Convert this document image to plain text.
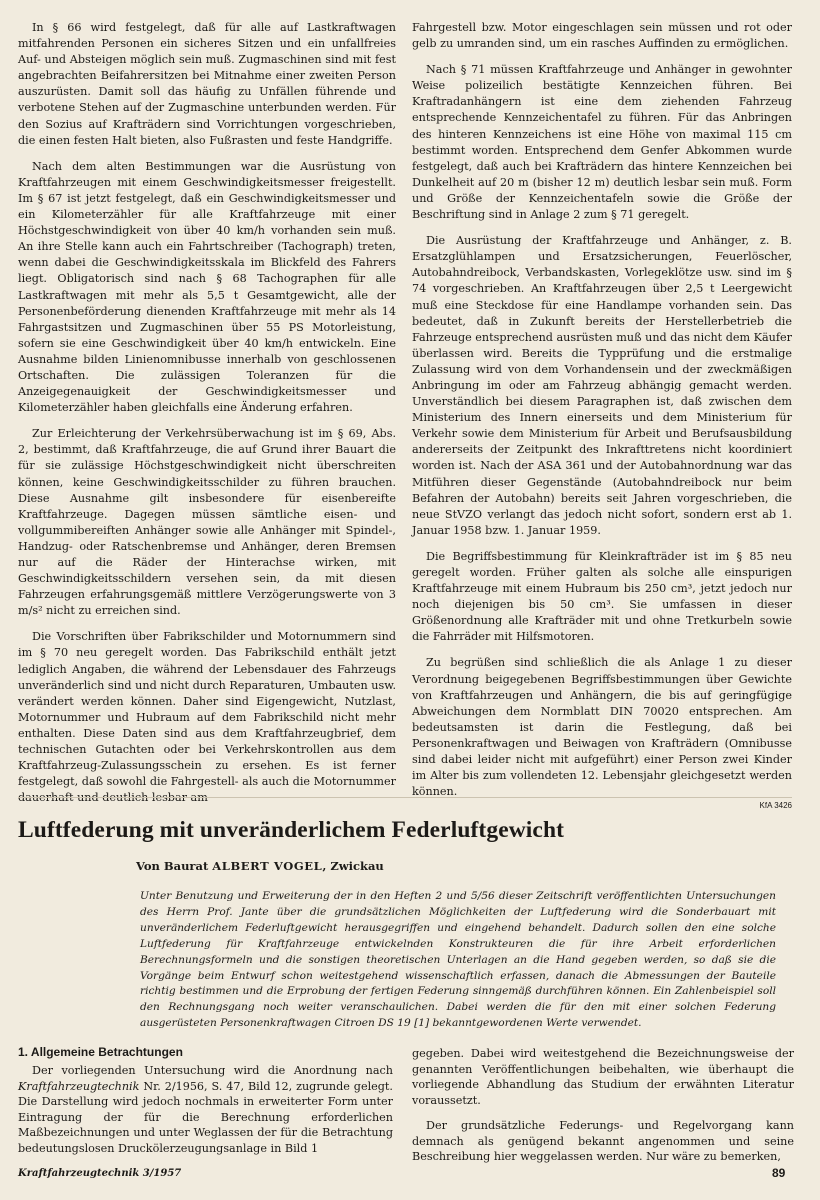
In § 66 wird festgelegt, daß für alle auf Lastkraftwagen mitfahrenden Personen ein sicheres Sitzen und ein unfallfreies Auf- und Absteigen möglich sein muß. Zugmaschinen sind mit fest angebrachten Beifahrersitzen bei Mitnahme einer zweiten Person auszurüsten. Damit soll das häufig zu Unfällen führende und verbotene Stehen auf der Zugmaschine unterbunden werden. Für den Sozius auf Krafträdern sind Vorrichtungen vorgeschrieben, die einen festen Halt bieten, also Fußrasten und feste Handgriffe.

Nach dem alten Bestimmungen war die Ausrüstung von Kraftfahrzeugen mit einem Geschwindigkeitsmesser freigestellt. Im § 67 ist jetzt festgelegt, daß ein Geschwindigkeitsmesser und ein Kilometerzähler für alle Kraftfahrzeuge mit einer Höchstgeschwindigkeit von über 40 km/h vorhanden sein muß. An ihre Stelle kann auch ein Fahrtschreiber (Tachograph) treten, wenn dabei die Geschwindigkeitsskala im Blickfeld des Fahrers liegt. Obligatorisch sind nach § 68 Tachographen für alle Lastkraftwagen mit mehr als 5,5 t Gesamtgewicht, alle der Personenbeförderung dienenden Kraftfahrzeuge mit mehr als 14 Fahrgastsitzen und Zugmaschinen über 55 PS Motorleistung, sofern sie eine Geschwindigkeit über 40 km/h entwickeln. Eine Ausnahme bilden Linienomnibusse innerhalb von geschlossenen Ortschaften. Die zulässigen Toleranzen für die Anzeigegenauigkeit der Geschwindigkeitsmesser und Kilometerzähler haben gleichfalls eine Änderung erfahren.

Zur Erleichterung der Verkehrsüberwachung ist im § 69, Abs. 2, bestimmt, daß Kraftfahrzeuge, die auf Grund ihrer Bauart die für sie zulässige Höchstgeschwindigkeit nicht überschreiten können, keine Geschwindigkeitsschilder zu führen brauchen. Diese Ausnahme gilt insbesondere für eisenbereifte Kraftfahrzeuge. Dagegen müssen sämtliche eisen- und vollgummibereiften Anhänger sowie alle Anhänger mit Spindel-, Handzug- oder Ratschenbremse und Anhänger, deren Bremsen nur auf die Räder der Hinterachse wirken, mit Geschwindigkeitsschildern versehen sein, da mit diesen Fahrzeugen erfahrungsgemäß mittlere Verzögerungswerte von 3 m/s² nicht zu erreichen sind.

Die Vorschriften über Fabrikschilder und Motornummern sind im § 70 neu geregelt worden. Das Fabrikschild enthält jetzt lediglich Angaben, die während der Lebensdauer des Fahrzeugs unveränderlich sind und nicht durch Reparaturen, Umbauten usw. verändert werden können. Daher sind Eigengewicht, Nutzlast, Motornummer und Hubraum auf dem Fabrikschild nicht mehr enthalten. Diese Daten sind aus dem Kraftfahrzeugbrief, dem technischen Gutachten oder bei Verkehrskontrollen aus dem Kraftfahrzeug-Zulassungsschein zu ersehen. Es ist ferner festgelegt, daß sowohl die Fahrgestell- als auch die Motornummer dauerhaft und deutlich lesbar am

Fahrgestell bzw. Motor eingeschlagen sein müssen und rot oder gelb zu umranden sind, um ein rasches Auffinden zu ermöglichen.

Nach § 71 müssen Kraftfahrzeuge und Anhänger in gewohnter Weise polizeilich bestätigte Kennzeichen führen. Bei Kraftradanhängern ist eine dem ziehenden Fahrzeug entsprechende Kennzeichentafel zu führen. Für das Anbringen des hinteren Kennzeichens ist eine Höhe von maximal 115 cm bestimmt worden. Entsprechend dem Genfer Abkommen wurde festgelegt, daß auch bei Krafträdern das hintere Kennzeichen bei Dunkelheit auf 20 m (bisher 12 m) deutlich lesbar sein muß. Form und Größe der Kennzeichentafeln sowie die Größe der Beschriftung sind in Anlage 2 zum § 71 geregelt.

Die Ausrüstung der Kraftfahrzeuge und Anhänger, z. B. Ersatzglühlampen und Ersatzsicherungen, Feuerlöscher, Autobahndreibock, Verbandskasten, Vorlegeklötze usw. sind im § 74 vorgeschrieben. An Kraftfahrzeugen über 2,5 t Leergewicht muß eine Steckdose für eine Handlampe vorhanden sein. Das bedeutet, daß in Zukunft bereits der Herstellerbetrieb die Fahrzeuge entsprechend ausrüsten muß und das nicht dem Käufer überlassen wird. Bereits die Typprüfung und die erstmalige Zulassung wird von dem Vorhandensein und der zweckmäßigen Anbringung im oder am Fahrzeug abhängig gemacht werden. Unverständlich bei diesem Paragraphen ist, daß zwischen dem Ministerium des Innern einerseits und dem Ministerium für Verkehr sowie dem Ministerium für Arbeit und Berufsausbildung andererseits der Zeitpunkt des Inkrafttretens nicht koordiniert worden ist. Nach der ASA 361 und der Autobahnordnung war das Mitführen dieser Gegenstände (Autobahndreibock nur beim Befahren der Autobahn) bereits seit Jahren vorgeschrieben, die neue StVZO verlangt das jedoch nicht sofort, sondern erst ab 1. Januar 1958 bzw. 1. Januar 1959.

Die Begriffsbestimmung für Kleinkrafträder ist im § 85 neu geregelt worden. Früher galten als solche alle einspurigen Kraftfahrzeuge mit einem Hubraum bis 250 cm³, jetzt jedoch nur noch diejenigen bis 50 cm³. Sie umfassen in dieser Größenordnung alle Krafträder mit und ohne Tretkurbeln sowie die Fahrräder mit Hilfsmotoren.

Zu begrüßen sind schließlich die als Anlage 1 zu dieser Verordnung beigegebenen Begriffsbestimmungen über Gewichte von Kraftfahrzeugen und Anhängern, die bis auf geringfügige Abweichungen dem Normblatt DIN 70020 entsprechen. Am bedeutsamsten ist darin die Festlegung, daß bei Personenkraftwagen und Beiwagen von Krafträdern (Omnibusse sind dabei leider nicht mit aufgeführt) einer Person zwei Kinder im Alter bis zum vollendeten 12. Lebensjahr gleichgesetzt werden können.

KfA 3426
Luftfederung mit unveränderlichem Federluftgewicht
Von Baurat ALBERT VOGEL, Zwickau
Unter Benutzung und Erweiterung der in den Heften 2 und 5/56 dieser Zeitschrift veröffentlichten Untersuchungen des Herrn Prof. Jante über die grundsätzlichen Möglichkeiten der Luftfederung wird die Sonderbauart mit unveränderlichem Federluftgewicht herausgegriffen und eingehend behandelt. Dadurch sollen den eine solche Luftfederung für Kraftfahrzeuge entwickelnden Konstrukteuren die für ihre Arbeit erforderlichen Berechnungsformeln und die sonstigen theoretischen Unterlagen an die Hand gegeben werden, so daß sie die Vorgänge beim Entwurf schon weitestgehend wissenschaftlich erfassen, danach die Abmessungen der Bauteile richtig bestimmen und die Erprobung der fertigen Federung sinngemäß durchführen können. Ein Zahlenbeispiel soll den Rechnungsgang noch weiter veranschaulichen. Dabei werden die für den mit einer solchen Federung ausgerüsteten Personenkraftwagen Citroen DS 19 [1] bekanntgewordenen Werte verwendet.
1. Allgemeine Betrachtungen

Der vorliegenden Untersuchung wird die Anordnung nach Kraftfahrzeugtechnik Nr. 2/1956, S. 47, Bild 12, zugrunde gelegt. Die Darstellung wird jedoch nochmals in erweiterter Form unter Eintragung der für die Berechnung erforderlichen Maßbezeichnungen und unter Weglassen der für die Betrachtung bedeutungslosen Druckölerzeugungsanlage in Bild 1

gegeben. Dabei wird weitestgehend die Bezeichnungsweise der genannten Veröffentlichungen beibehalten, wie überhaupt die vorliegende Abhandlung das Studium der erwähnten Literatur voraussetzt.

Der grundsätzliche Federungs- und Regelvorgang kann demnach als genügend bekannt angenommen und seine Beschreibung hier weggelassen werden. Nur wäre zu bemerken,

Kraftfahrzeugtechnik 3/1957	89
